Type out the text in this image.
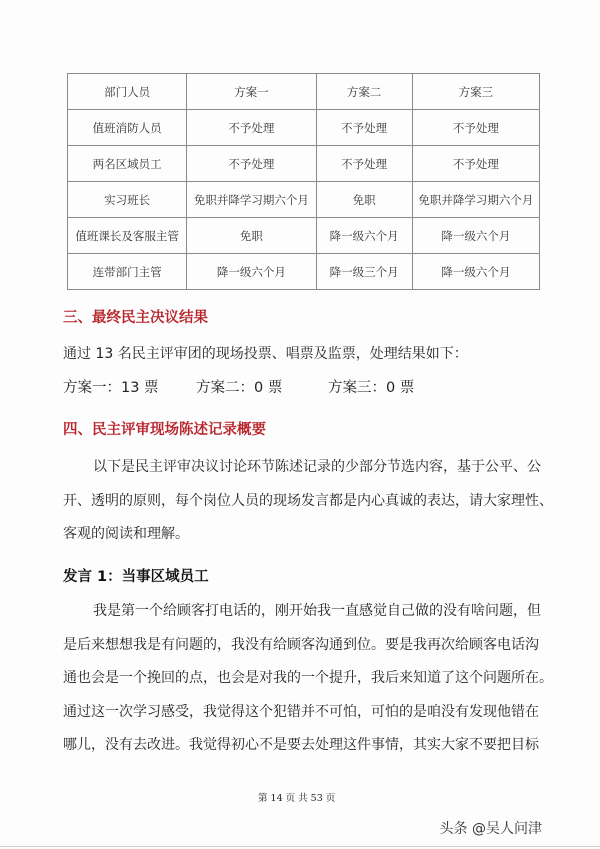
部门人员	方案一	方案二	方案三
值班消防人员	不予处理	不予处理	不予处理
两名区域员工	不予处理	不予处理	不予处理
实习班长	免职并降学习期六个月	免职	免职并降学习期六个月
值班课长及客服主管	免职	降一级六个月	降一级六个月
连带部门主管	降一级六个月	降一级三个月	降一级六个月
三、最终民主决议结果
通过 13 名民主评审团的现场投票、唱票及监票，处理结果如下：
方案一：13 票	方案二：0 票	方案三：0 票
四、民主评审现场陈述记录概要
以下是民主评审决议讨论环节陈述记录的少部分节选内容，基于公平、公
开、透明的原则，每个岗位人员的现场发言都是内心真诚的表达，请大家理性、
客观的阅读和理解。
发言 1：当事区域员工
我是第一个给顾客打电话的，刚开始我一直感觉自己做的没有啥问题，但
是后来想想我是有问题的，我没有给顾客沟通到位。要是我再次给顾客电话沟
通也会是一个挽回的点，也会是对我的一个提升，我后来知道了这个问题所在。
通过这一次学习感受，我觉得这个犯错并不可怕，可怕的是咱没有发现他错在
哪儿，没有去改进。我觉得初心不是要去处理这件事情，其实大家不要把目标
第 14 页 共 53 页
头条 @吴人问津
